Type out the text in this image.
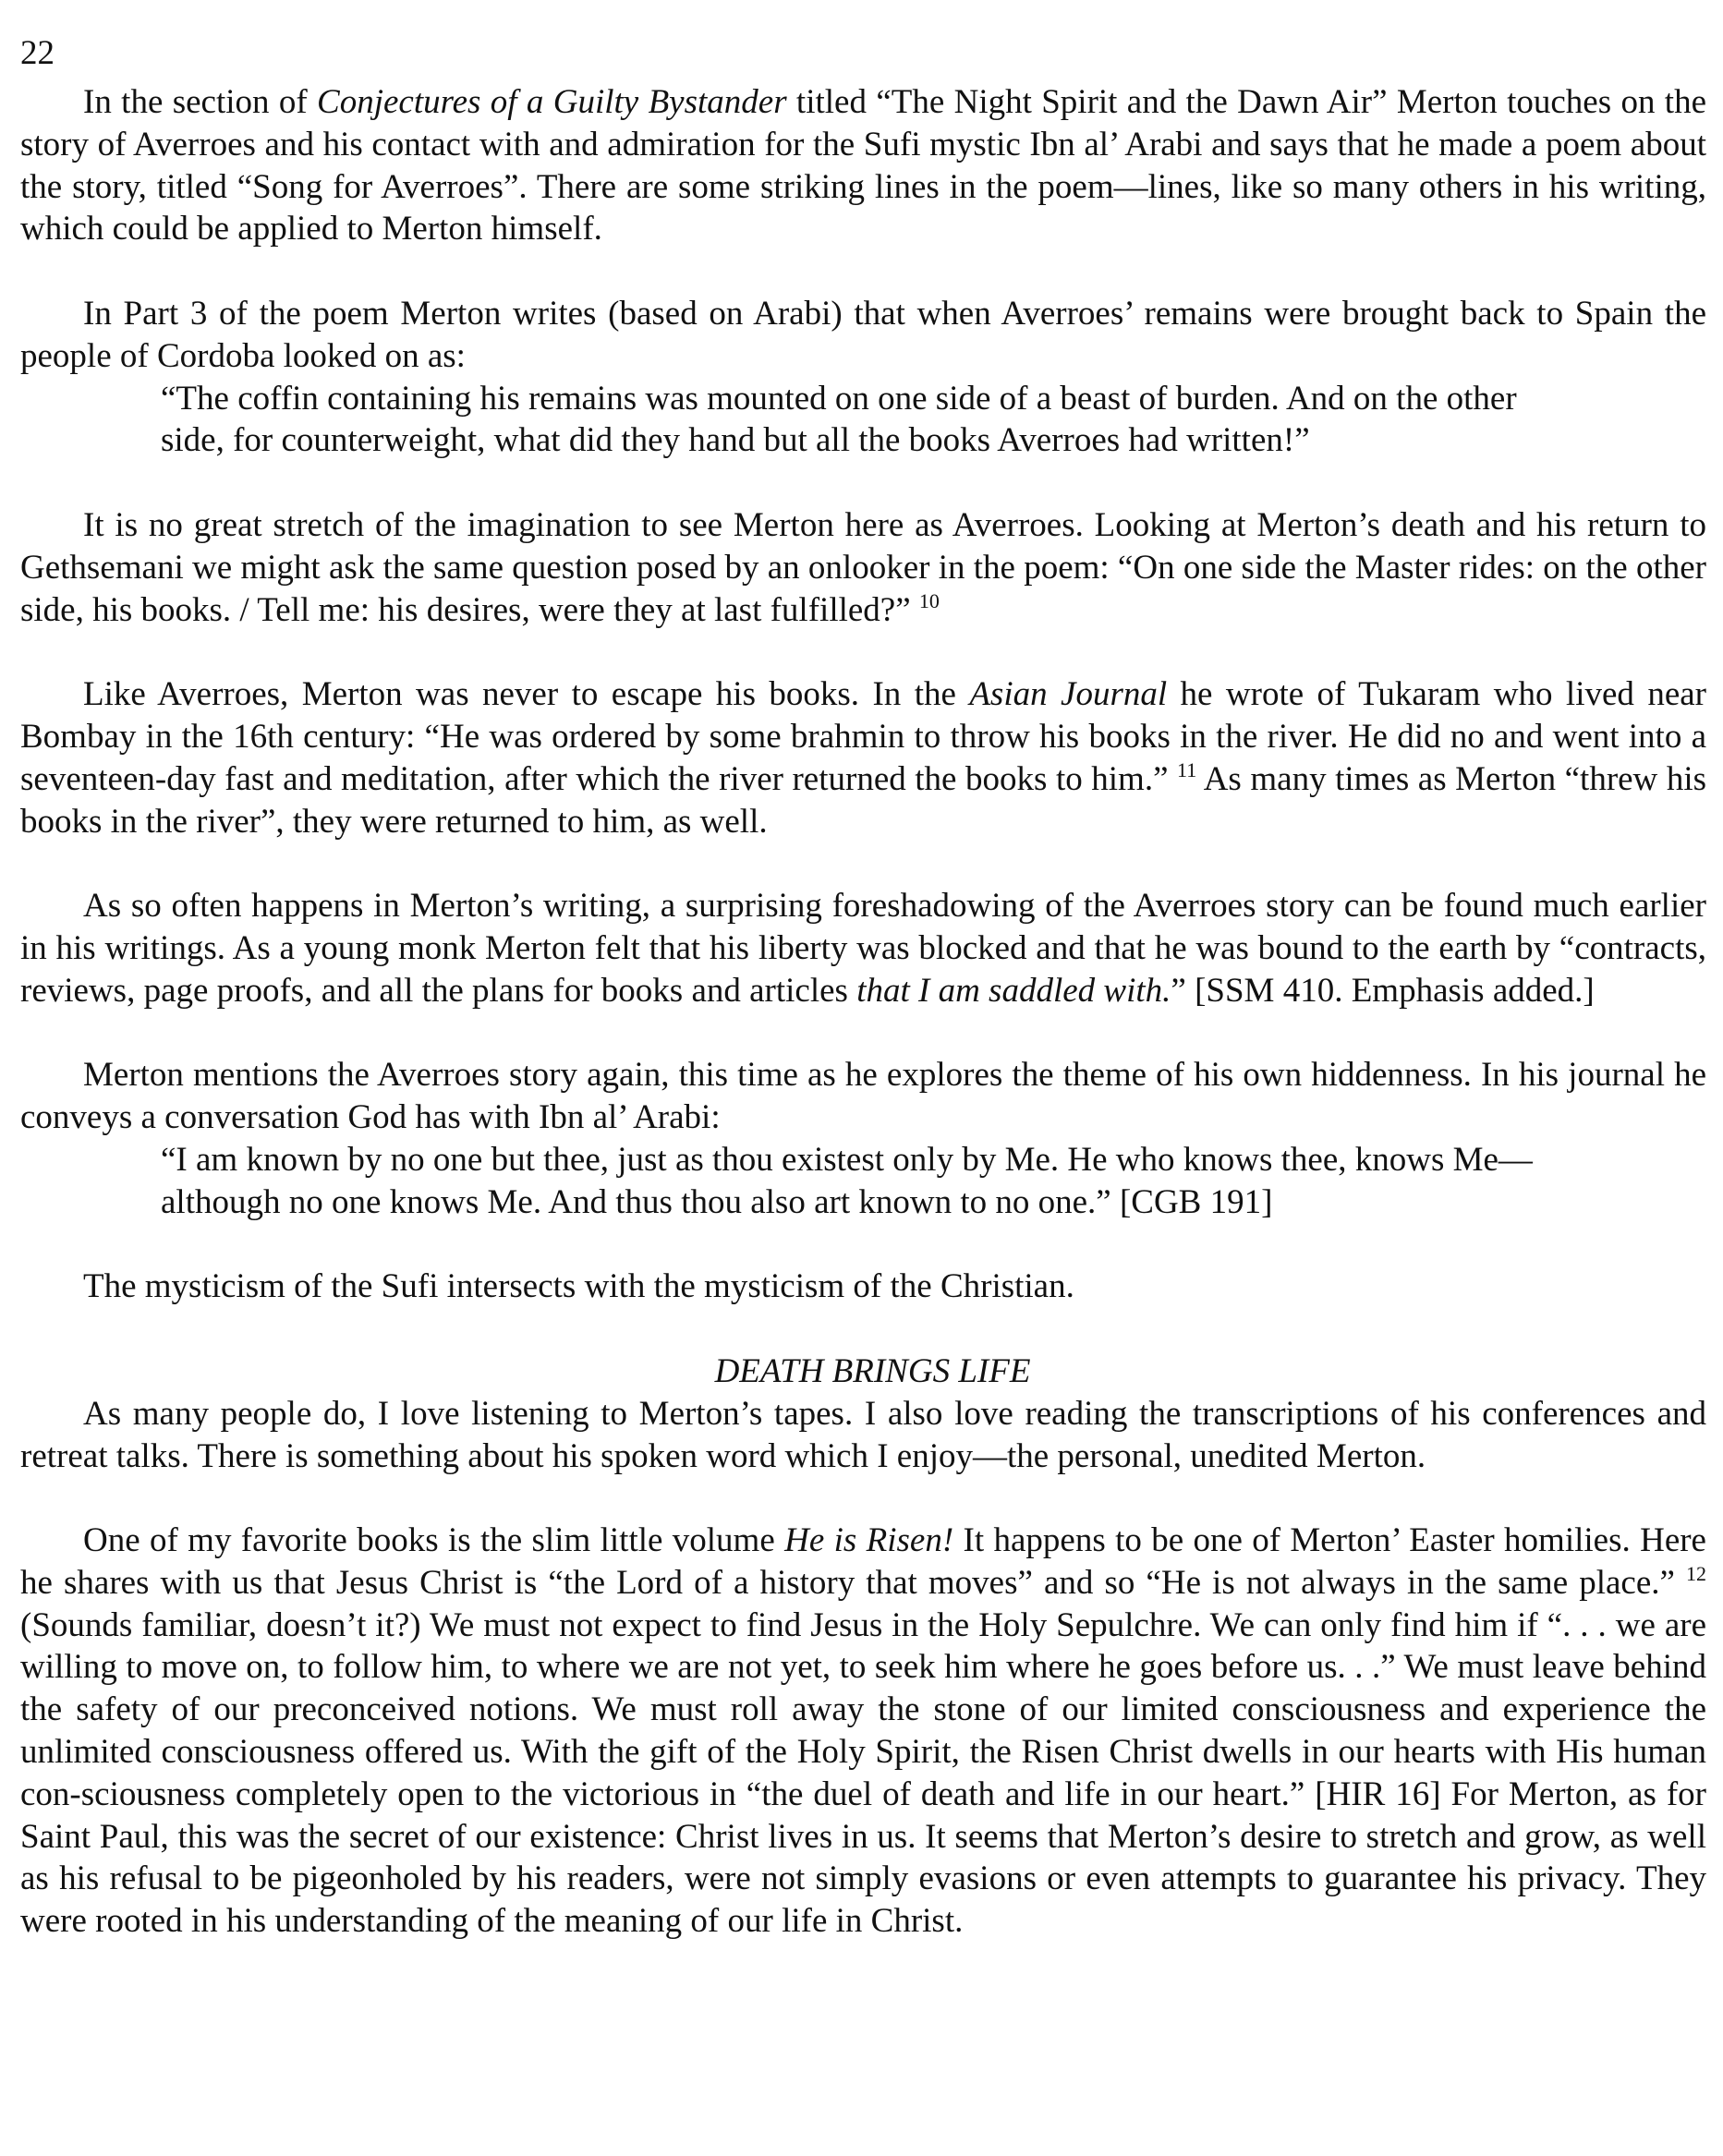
22

In the section of Conjectures of a Guilty Bystander titled “The Night Spirit and the Dawn Air” Merton touches on the story of Averroes and his contact with and admiration for the Sufi mystic Ibn al’ Arabi and says that he made a poem about the story, titled “Song for Averroes”. There are some striking lines in the poem—lines, like so many others in his writing, which could be applied to Merton himself.

In Part 3 of the poem Merton writes (based on Arabi) that when Averroes’ remains were brought back to Spain the people of Cordoba looked on as:

“The coffin containing his remains was mounted on one side of a beast of burden. And on the other side, for counterweight, what did they hand but all the books Averroes had written!”

It is no great stretch of the imagination to see Merton here as Averroes. Looking at Merton’s death and his return to Gethsemani we might ask the same question posed by an onlooker in the poem: “On one side the Master rides: on the other side, his books. / Tell me: his desires, were they at last fulfilled?” $^{10}$

Like Averroes, Merton was never to escape his books. In the Asian Journal he wrote of Tukaram who lived near Bombay in the 16th century: “He was ordered by some brahmin to throw his books in the river. He did no and went into a seventeen-day fast and meditation, after which the river returned the books to him.” $^{11}$ As many times as Merton “threw his books in the river”, they were returned to him, as well.

As so often happens in Merton’s writing, a surprising foreshadowing of the Averroes story can be found much earlier in his writings. As a young monk Merton felt that his liberty was blocked and that he was bound to the earth by “contracts, reviews, page proofs, and all the plans for books and articles that I am saddled with.” [SSM 410. Emphasis added.]

Merton mentions the Averroes story again, this time as he explores the theme of his own hiddenness. In his journal he conveys a conversation God has with Ibn al’ Arabi:

“I am known by no one but thee, just as thou existest only by Me. He who knows thee, knows Me—although no one knows Me. And thus thou also art known to no one.” [CGB 191]

The mysticism of the Sufi intersects with the mysticism of the Christian.

DEATH BRINGS LIFE

As many people do, I love listening to Merton’s tapes. I also love reading the transcriptions of his conferences and retreat talks. There is something about his spoken word which I enjoy—the personal, unedited Merton.

One of my favorite books is the slim little volume He is Risen! It happens to be one of Merton’ Easter homilies. Here he shares with us that Jesus Christ is “the Lord of a history that moves” and so “He is not always in the same place.” $^{12}$ (Sounds familiar, doesn’t it?) We must not expect to find Jesus in the Holy Sepulchre. We can only find him if “. . . we are willing to move on, to follow him, to where we are not yet, to seek him where he goes before us. . .” We must leave behind the safety of our preconceived notions. We must roll away the stone of our limited consciousness and experience the unlimited consciousness offered us. With the gift of the Holy Spirit, the Risen Christ dwells in our hearts with His human con-sciousness completely open to the victorious in “the duel of death and life in our heart.” [HIR 16] For Merton, as for Saint Paul, this was the secret of our existence: Christ lives in us. It seems that Merton’s desire to stretch and grow, as well as his refusal to be pigeonholed by his readers, were not simply evasions or even attempts to guarantee his privacy. They were rooted in his understanding of the meaning of our life in Christ.
